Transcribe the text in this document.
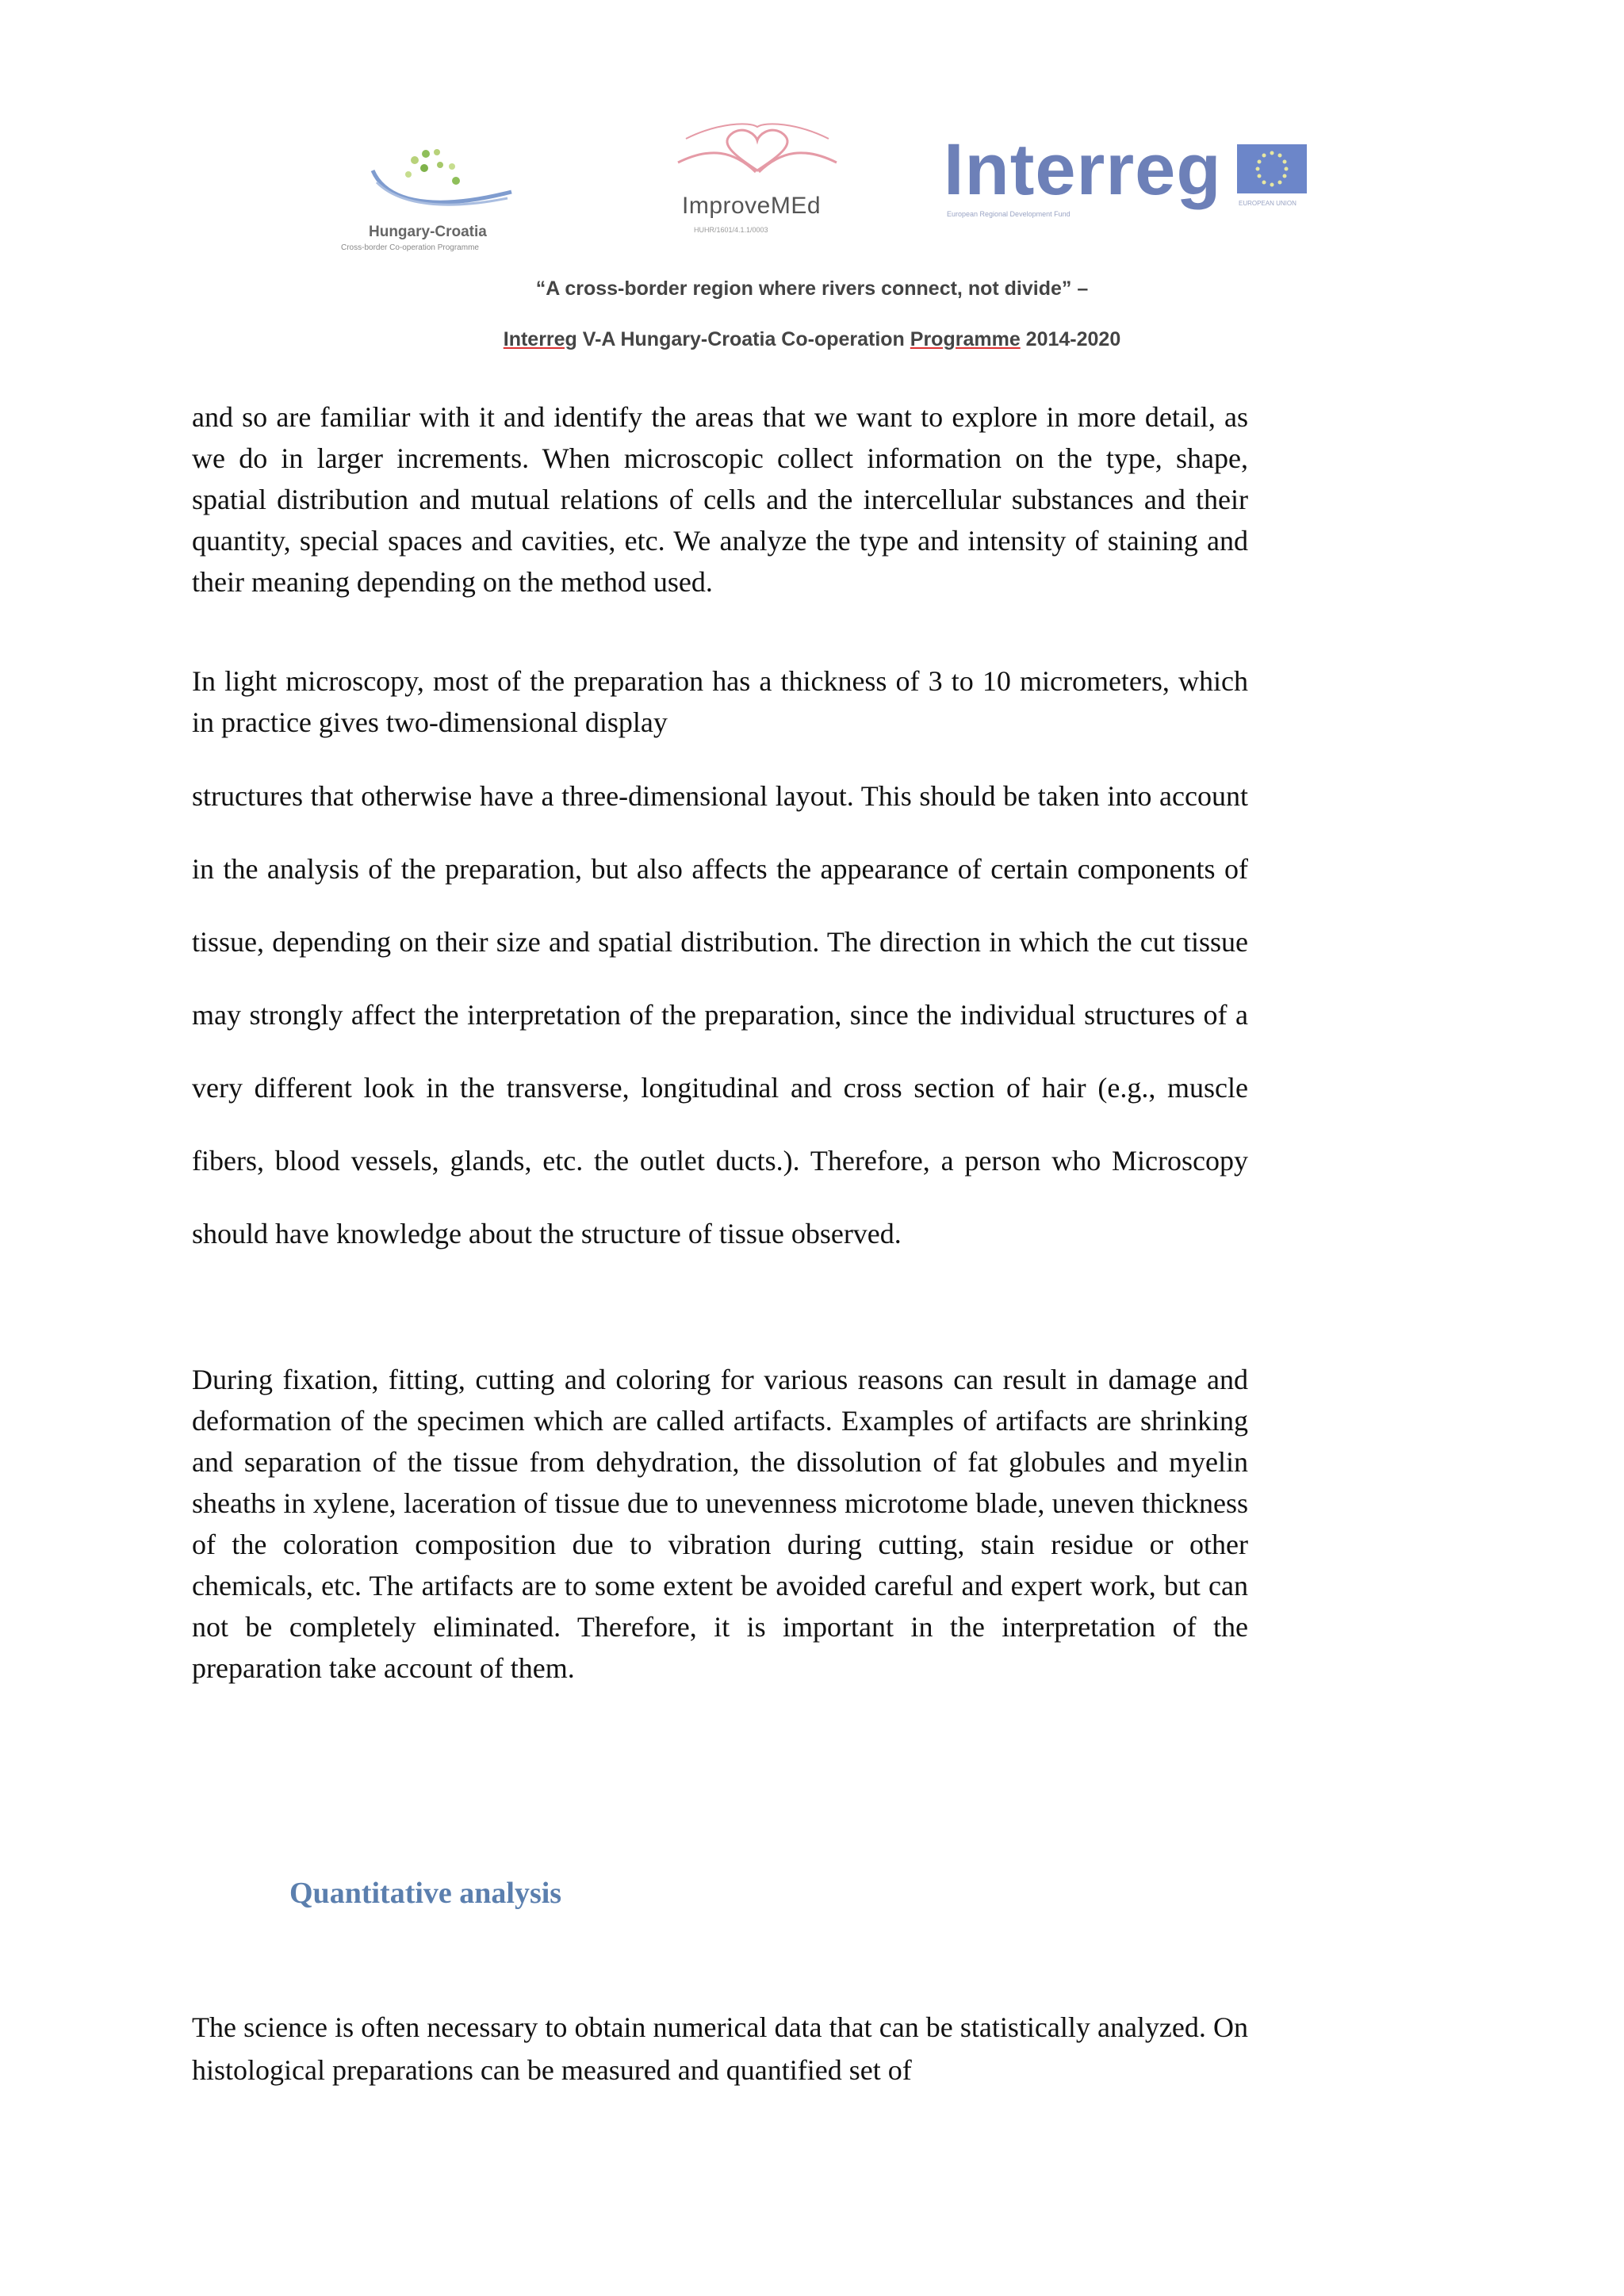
Hungary-Croatia
Cross-border Co-operation Programme
ImproveMEd
HUHR/1601/4.1.1/0003
Interreg
European Regional Development Fund
EUROPEAN UNION
“A cross-border region where rivers connect, not divide” –
Interreg V-A Hungary-Croatia Co-operation Programme 2014-2020
and so are familiar with it and identify the areas that we want to explore in more detail, as we do in larger increments. When microscopic collect information on the type, shape, spatial distribution and mutual relations of cells and the intercellular substances and their quantity, special spaces and cavities, etc. We analyze the type and intensity of staining and their meaning depending on the method used.
In light microscopy, most of the preparation has a thickness of 3 to 10 micrometers, which in practice gives two-dimensional display
structures that otherwise have a three-dimensional layout. This should be taken into account in the analysis of the preparation, but also affects the appearance of certain components of tissue, depending on their size and spatial distribution. The direction in which the cut tissue may strongly affect the interpretation of the preparation, since the individual structures of a very different look in the transverse, longitudinal and cross section of hair (e.g., muscle fibers, blood vessels, glands, etc. the outlet ducts.). Therefore, a person who Microscopy should have knowledge about the structure of tissue observed.
During fixation, fitting, cutting and coloring for various reasons can result in damage and deformation of the specimen which are called artifacts. Examples of artifacts are shrinking and separation of the tissue from dehydration, the dissolution of fat globules and myelin sheaths in xylene, laceration of tissue due to unevenness microtome blade, uneven thickness of the coloration composition due to vibration during cutting, stain residue or other chemicals, etc. The artifacts are to some extent be avoided careful and expert work, but can not be completely eliminated. Therefore, it is important in the interpretation of the preparation take account of them.
Quantitative analysis
The science is often necessary to obtain numerical data that can be statistically analyzed. On histological preparations can be measured and quantified set of
